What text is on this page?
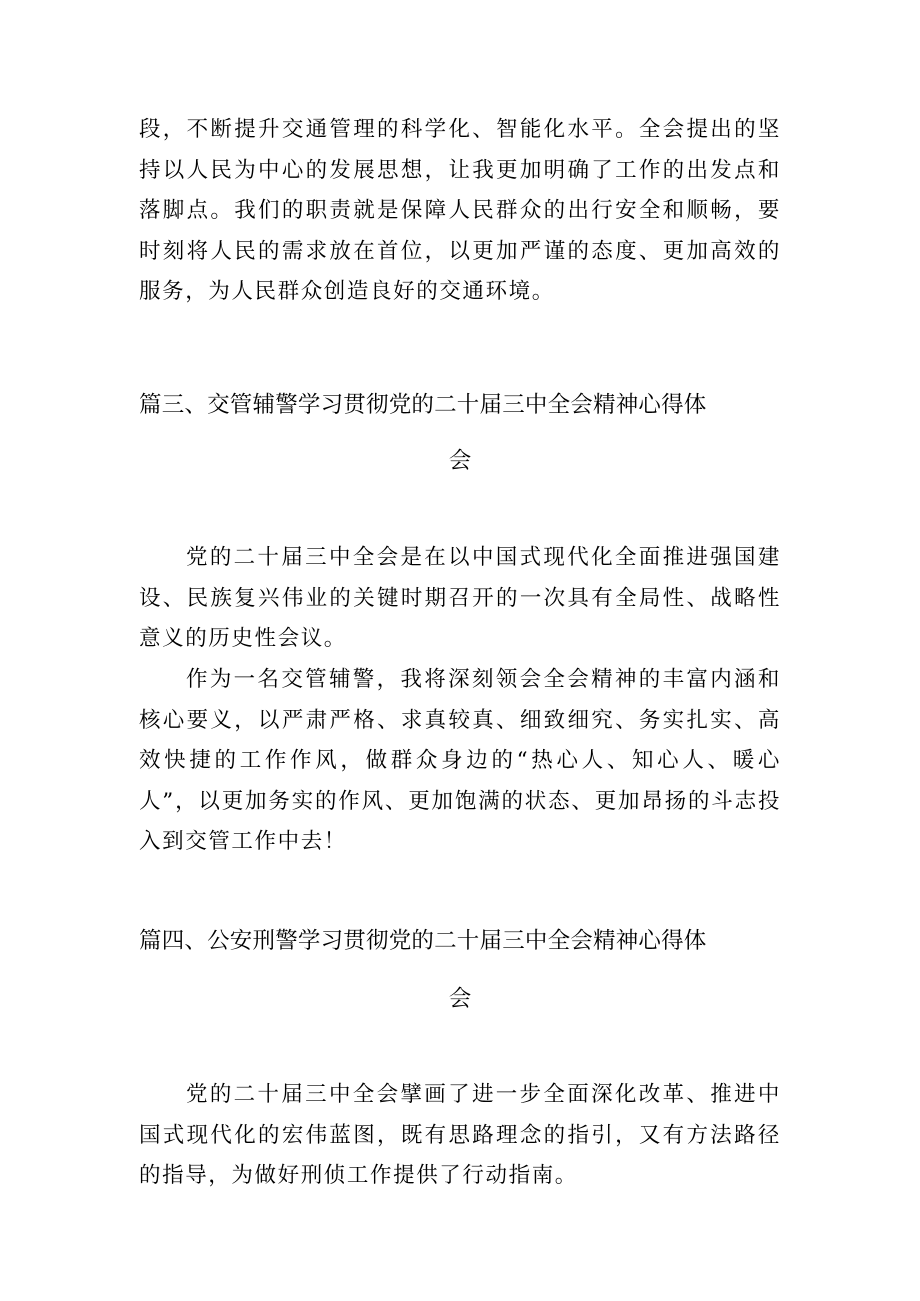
段，不断提升交通管理的科学化、智能化水平。全会提出的坚持以人民为中心的发展思想，让我更加明确了工作的出发点和落脚点。我们的职责就是保障人民群众的出行安全和顺畅，要时刻将人民的需求放在首位，以更加严谨的态度、更加高效的服务，为人民群众创造良好的交通环境。

篇三、交管辅警学习贯彻党的二十届三中全会精神心得体
会

党的二十届三中全会是在以中国式现代化全面推进强国建设、民族复兴伟业的关键时期召开的一次具有全局性、战略性意义的历史性会议。

作为一名交管辅警，我将深刻领会全会精神的丰富内涵和核心要义，以严肃严格、求真较真、细致细究、务实扎实、高效快捷的工作作风，做群众身边的“热心人、知心人、暖心人”，以更加务实的作风、更加饱满的状态、更加昂扬的斗志投入到交管工作中去！

篇四、公安刑警学习贯彻党的二十届三中全会精神心得体
会

党的二十届三中全会擘画了进一步全面深化改革、推进中国式现代化的宏伟蓝图，既有思路理念的指引，又有方法路径的指导，为做好刑侦工作提供了行动指南。
